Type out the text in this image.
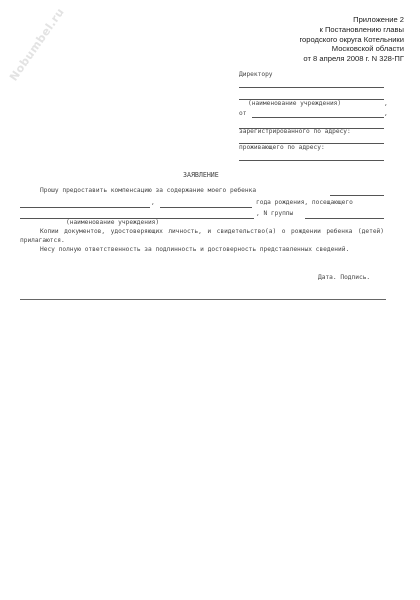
Nobumbel.ru	Приложение 2
к Постановлению главы
городского округа Котельники
Московской области
от 8 апреля 2008 г. N 328-ПГ
Директору
(наименование учреждения)	,
от	,
зарегистрированного по адресу:
проживающего по адресу:
ЗАЯВЛЕНИЕ
Прошу предоставить компенсацию за содержание моего ребенка
,	года рождения, посещающего
, N группы
(наименование учреждения)
Копии документов, удостоверяющих личность, и свидетельство(а) о рождении ребенка (детей) прилагаются.
Несу полную ответственность за подлинность и достоверность представленных сведений.
Дата. Подпись.
